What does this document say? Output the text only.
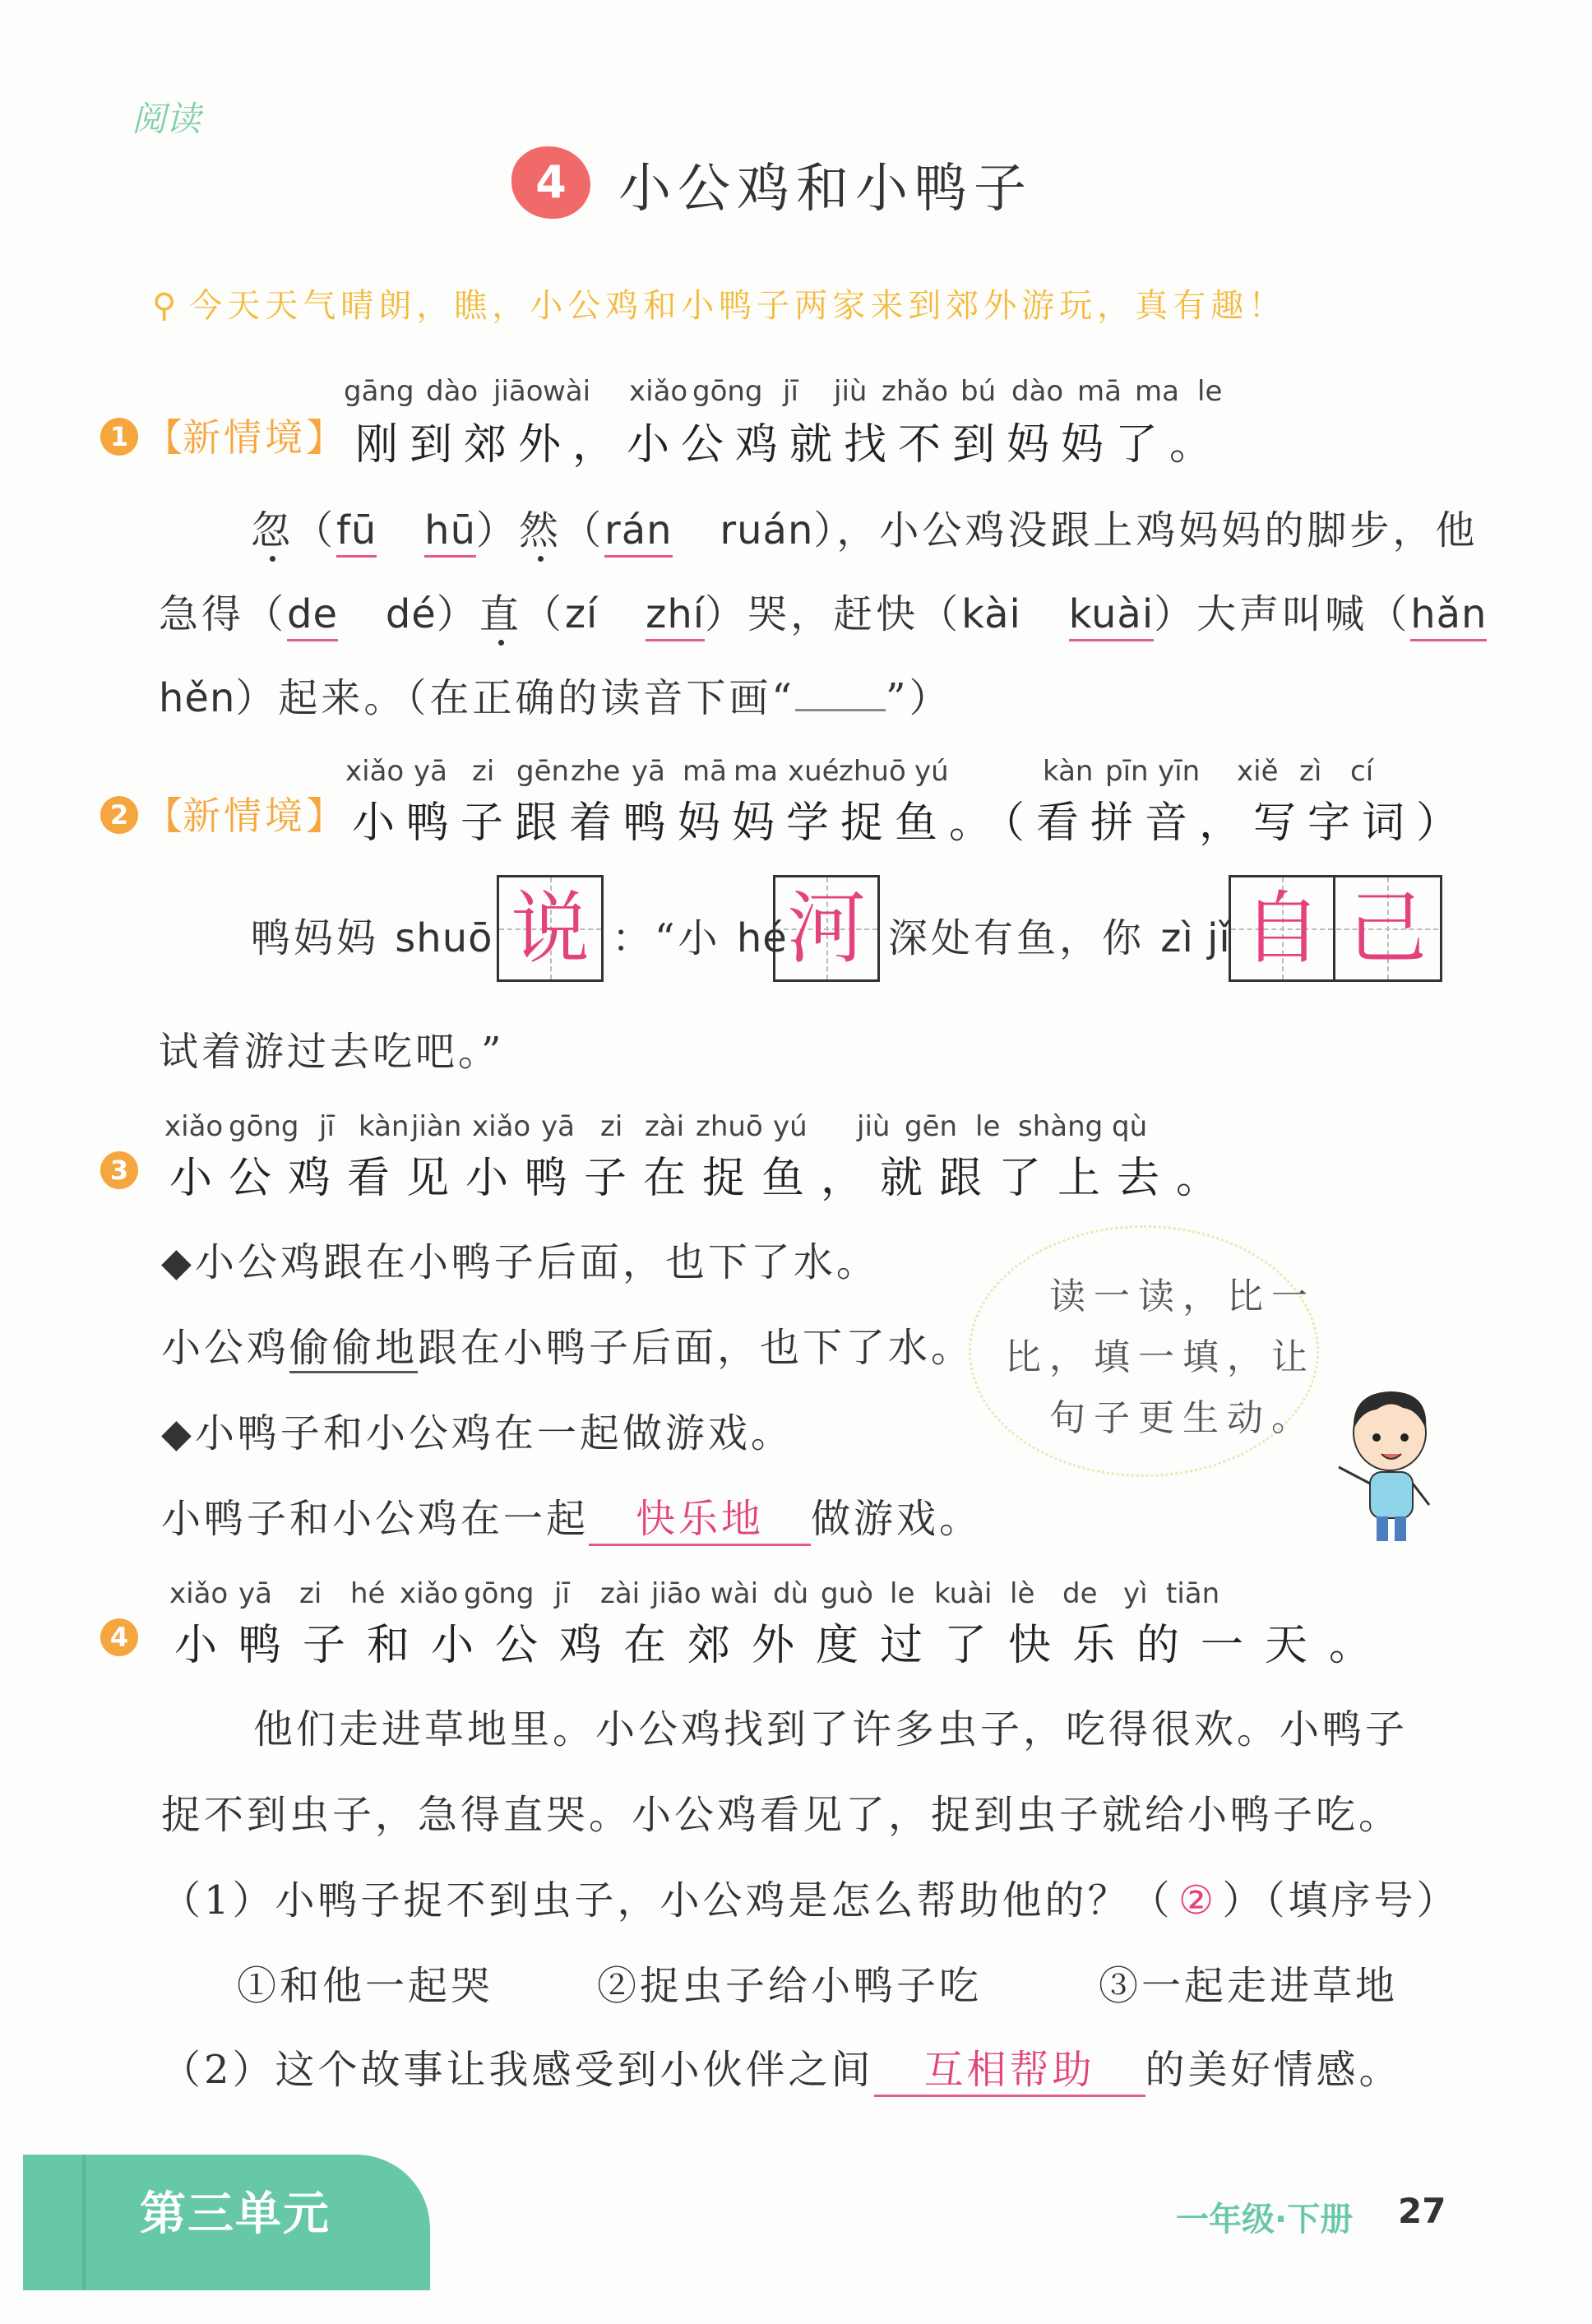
阅读
4 小公鸡和小鸭子
⚲ 今天天气晴朗，瞧，小公鸡和小鸭子两家来到郊外游玩，真有趣！
1 【新情境】
gāng dào jiāo wài xiǎo gōng jī jiù zhǎo bú dào mā ma le
刚到郊外，小公鸡就找不到妈妈了。
忽（fū hū）然（rán ruán），小公鸡没跟上鸡妈妈的脚步，他
急得（de dé）直（zí zhí）哭，赶快（kài kuài）大声叫喊（hǎn
hěn）起来。（在正确的读音下画“ ”）
2 【新情境】
xiǎo yā zi gēn zhe yā mā ma xué zhuō yú	kàn pīn yīn xiě zì cí
小鸭子跟着鸭妈妈学捉鱼。（看拼音，写字词）
鸭妈妈 shuō 说 ：“小 hé 河 深处有鱼，你 zì jǐ 自 己
试着游过去吃吧。”
3
xiǎo gōng jī kàn jiàn xiǎo yā zi zài zhuō yú jiù gēn le shàng qù
小公鸡看见小鸭子在捉鱼，就跟了上去。
◆小公鸡跟在小鸭子后面，也下了水。
小公鸡偷偷地跟在小鸭子后面，也下了水。
◆小鸭子和小公鸡在一起做游戏。
小鸭子和小公鸡在一起 快乐地 做游戏。
读一读，比一比，填一填，让句子更生动。
4
xiǎo yā zi hé xiǎo gōng jī zài jiāo wài dù guò le kuài lè de yì tiān
小鸭子和小公鸡在郊外度过了快乐的一天。
他们走进草地里。小公鸡找到了许多虫子，吃得很欢。小鸭子
捉不到虫子，急得直哭。小公鸡看见了，捉到虫子就给小鸭子吃。
（1）小鸭子捉不到虫子，小公鸡是怎么帮助他的？（ ② ）（填序号）
①和他一起哭	②捉虫子给小鸭子吃	③一起走进草地
（2）这个故事让我感受到小伙伴之间 互相帮助 的美好情感。
第三单元	一年级·下册 27
